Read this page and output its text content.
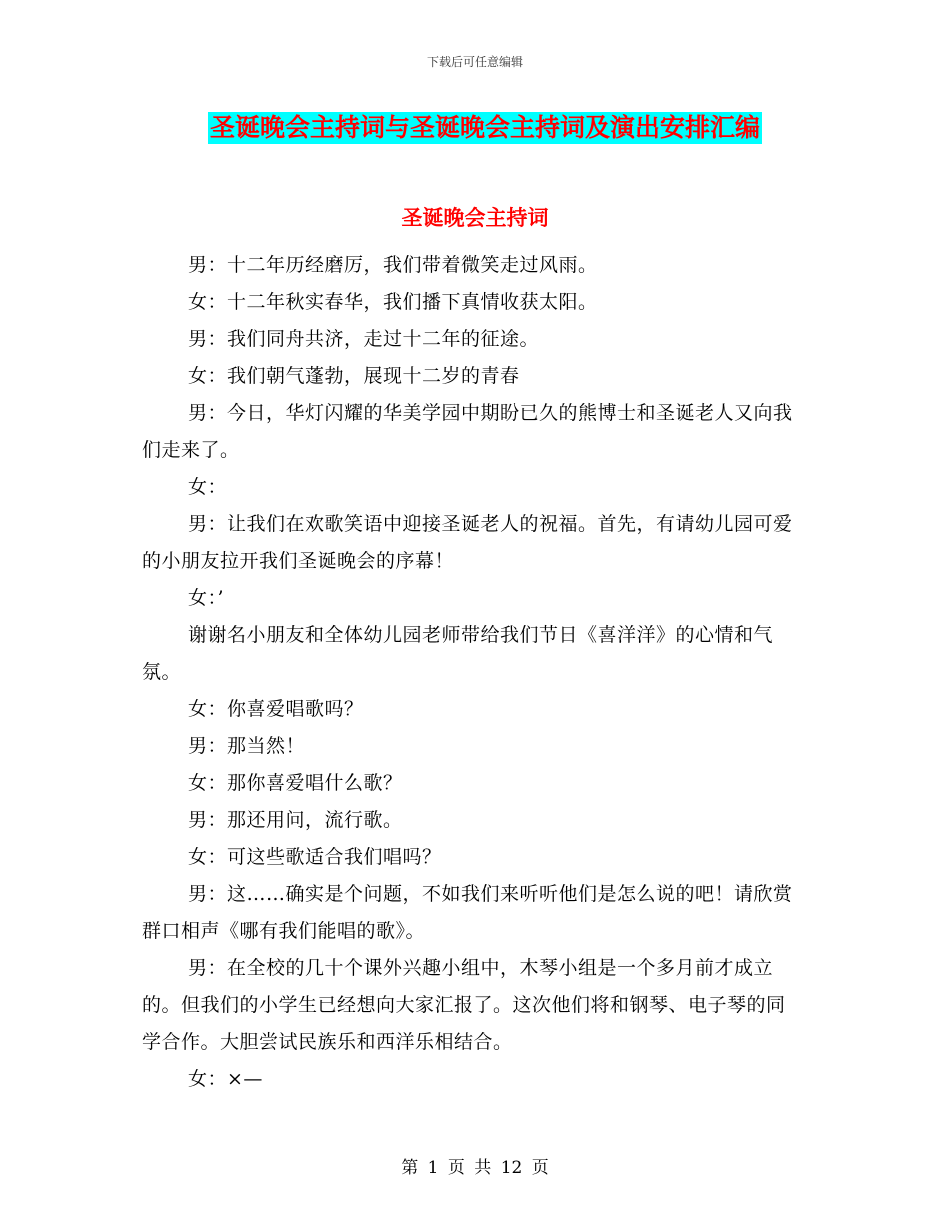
下载后可任意编辑
圣诞晚会主持词与圣诞晚会主持词及演出安排汇编
圣诞晚会主持词

男：十二年历经磨厉，我们带着微笑走过风雨。

女：十二年秋实春华，我们播下真情收获太阳。

男：我们同舟共济，走过十二年的征途。

女：我们朝气蓬勃，展现十二岁的青春

男：今日，华灯闪耀的华美学园中期盼已久的熊博士和圣诞老人又向我们走来了。

女：

男：让我们在欢歌笑语中迎接圣诞老人的祝福。首先，有请幼儿园可爱的小朋友拉开我们圣诞晚会的序幕！

女：’

谢谢名小朋友和全体幼儿园老师带给我们节日《喜洋洋》的心情和气氛。

女：你喜爱唱歌吗？

男：那当然！

女：那你喜爱唱什么歌？

男：那还用问，流行歌。

女：可这些歌适合我们唱吗？

男：这……确实是个问题，不如我们来听听他们是怎么说的吧！请欣赏群口相声《哪有我们能唱的歌》。

男：在全校的几十个课外兴趣小组中，木琴小组是一个多月前才成立的。但我们的小学生已经想向大家汇报了。这次他们将和钢琴、电子琴的同学合作。大胆尝试民族乐和西洋乐相结合。

女：×—

第 1 页 共 12 页
